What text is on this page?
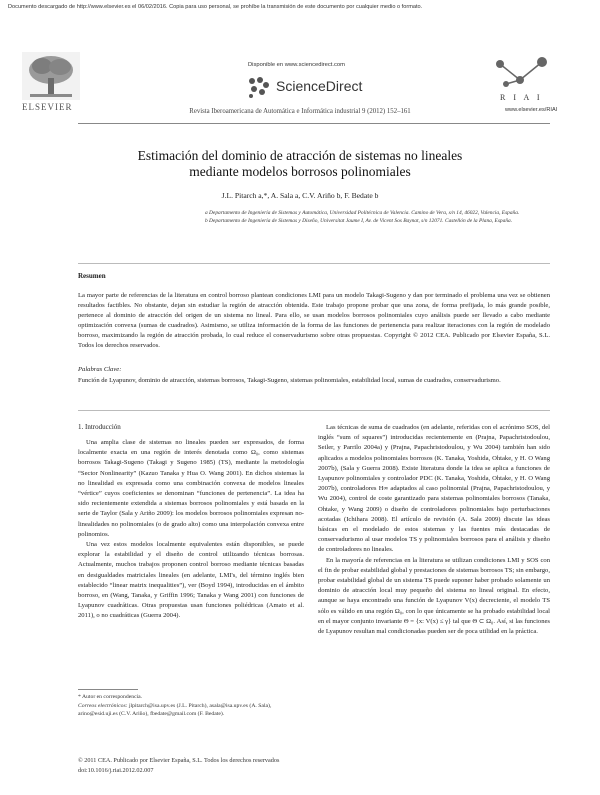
Documento descargado de http://www.elsevier.es el 06/02/2016. Copia para uso personal, se prohíbe la transmisión de este documento por cualquier medio o formato.
ELSEVIER
Disponible en www.sciencedirect.com
ScienceDirect
R I A I
www.elsevier.es/RIAI
Revista Iberoamericana de Automática e Informática industrial 9 (2012) 152–161
Estimación del dominio de atracción de sistemas no lineales
mediante modelos borrosos polinomiales
J.L. Pitarch a,*, A. Sala a, C.V. Ariño b, F. Bedate b
a Departamento de Ingeniería de Sistemas y Automática, Universidad Politécnica de Valencia. Camino de Vera, s/n 14, 46022, Valencia, España.
b Departamento de Ingeniería de Sistemas y Diseño, Universitat Jaume I, Av. de Vicent Sos Baynat, s/n 12071. Castellón de la Plana, España.
Resumen
La mayor parte de referencias de la literatura en control borroso plantean condiciones LMI para un modelo Takagi-Sugeno y dan por terminado el problema una vez se obtienen resultados factibles. No obstante, dejan sin estudiar la región de atracción obtenida. Este trabajo propone probar que una zona, de forma prefijada, lo más grande posible, pertenece al dominio de atracción del origen de un sistema no lineal. Para ello, se usan modelos borrosos polinomiales cuyo análisis puede ser llevado a cabo mediante optimización convexa (sumas de cuadrados). Asimismo, se utiliza información de la forma de las funciones de pertenencia para realizar iteraciones con la región de modelado borroso, maximizando la región de atracción probada, lo cual reduce el conservadurismo sobre otras propuestas. Copyright © 2012 CEA. Publicado por Elsevier España, S.L. Todos los derechos reservados.
Palabras Clave:
Función de Lyapunov, dominio de atracción, sistemas borrosos, Takagi-Sugeno, sistemas polinomiales, estabilidad local, sumas de cuadrados, conservadurismo.
1. Introducción

Una amplia clase de sistemas no lineales pueden ser expresados, de forma localmente exacta en una región de interés denotada como Ω₀, como sistemas borrosos Takagi-Sugeno (Takagi y Sugeno 1985) (TS), mediante la metodología “Sector Nonlinearity” (Kazuo Tanaka y Hua O. Wang 2001). En dichos sistemas la no linealidad es expresada como una combinación convexa de modelos lineales “vértice” cuyos coeficientes se denominan “funciones de pertenencia”. La idea ha sido recientemente extendida a sistemas borrosos polinomiales y está basada en la serie de Taylor (Sala y Ariño 2009): los modelos borrosos polinomiales expresan no-linealidades no polinomiales (o de grado alto) como una interpolación convexa entre polinomios.

Una vez estos modelos localmente equivalentes están disponibles, se puede explorar la estabilidad y el diseño de control utilizando técnicas borrosas. Actualmente, muchos trabajos proponen control borroso mediante técnicas basadas en desigualdades matriciales lineales (en adelante, LMI's, del término inglés bien establecido “linear matrix inequalities”), ver (Boyd 1994), introducidas en el ámbito borroso, en (Wang, Tanaka, y Griffin 1996; Tanaka y Wang 2001) con funciones de Lyapunov cuadráticas. Otras propuestas usan funciones poliédricas (Amato et al. 2011), o no cuadráticas (Guerra 2004).

Las técnicas de suma de cuadrados (en adelante, referidas con el acrónimo SOS, del inglés “sum of squares”) introducidas recientemente en (Prajna, Papachristodoulou, Seiler, y Parrilo 2004a) y (Prajna, Papachristodoulou, y Wu 2004) también han sido aplicados a modelos polinomiales borrosos (K. Tanaka, Yoshida, Ohtake, y H. O Wang 2007b), (Sala y Guerra 2008). Existe literatura donde la idea se aplica a funciones de Lyapunov polinomiales y controlador PDC (K. Tanaka, Yoshida, Ohtake, y H. O Wang 2007b), controladores H∞ adaptados al caso polinomial (Prajna, Papachristodoulou, y Wu 2004), control de coste garantizado para sistemas polinomiales borrosos (Tanaka, Ohtake, y Wang 2009) o diseño de controladores polinomiales bajo perturbaciones acotadas (Ichihara 2008). El artículo de revisión (A. Sala 2009) discute las ideas básicas en el modelado de estos sistemas y las fuentes más destacadas de conservadurismo al usar modelos TS y polinomiales borrosos para el análisis y diseño de controladores no lineales.

En la mayoría de referencias en la literatura se utilizan condiciones LMI y SOS con el fin de probar estabilidad global y prestaciones de sistemas borrosos TS; sin embargo, probar estabilidad global de un sistema TS puede suponer haber probado solamente un dominio de atracción local muy pequeño del sistema no lineal original. En efecto, aunque se haya encontrado una función de Lyapunov V(x) decreciente, el modelo TS sólo es válido en una región Ω₀, con lo que únicamente se ha probado estabilidad local en el mayor conjunto invariante Θ = {x: V(x) ≤ γ} tal que Θ ⊂ Ω₀. Así, si las funciones de Lyapunov resultan mal condicionadas pueden ser de poca utilidad en la práctica.

* Autor en correspondencia.
Correos electrónicos: jlpitarch@isa.upv.es (J.L. Pitarch), asala@isa.upv.es (A. Sala), arino@esid.uji.es (C.V. Ariño), fbedate@gmail.com (F. Bedate).
© 2011 CEA. Publicado por Elsevier España, S.L. Todos los derechos reservados
doi:10.1016/j.riai.2012.02.007
